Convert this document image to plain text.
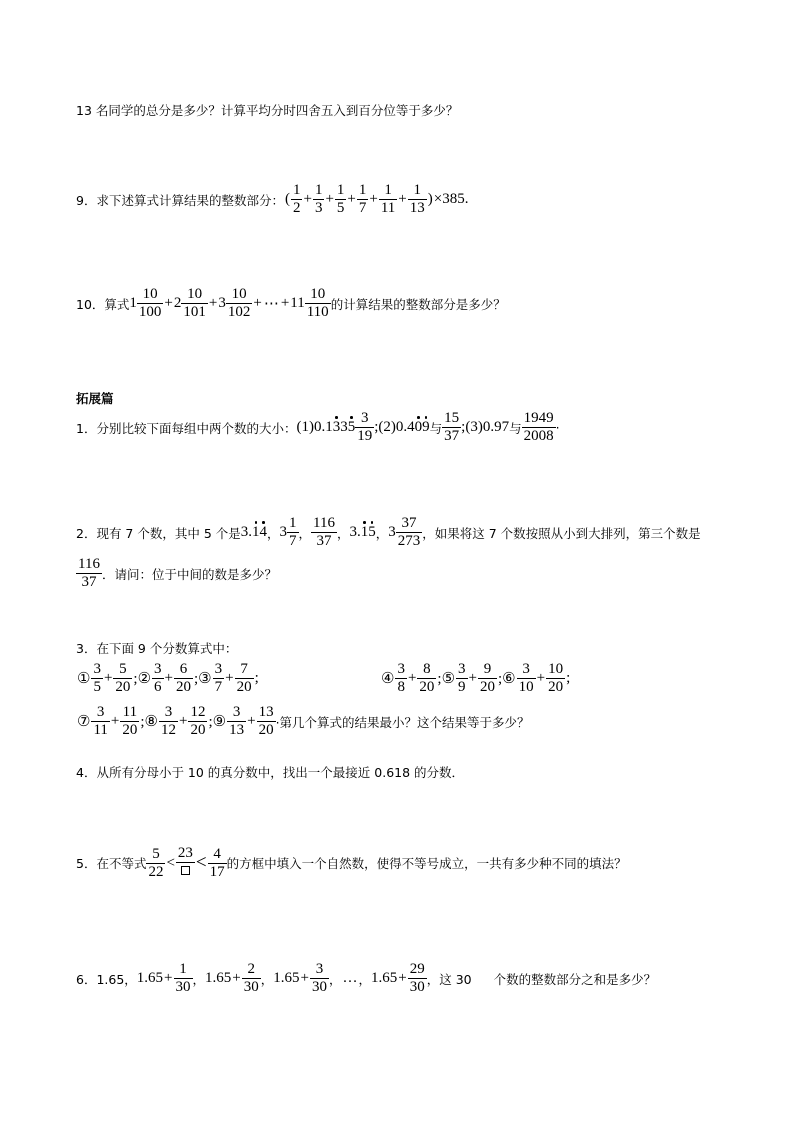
13 名同学的总分是多少？计算平均分时四舍五入到百分位等于多少？
9．求下述算式计算结果的整数部分： ( $\frac{1}{2} + \frac{1}{3} + \frac{1}{5} + \frac{1}{7} + \frac{1}{11} + \frac{1}{13}$ ) ×385.
10．算式 $1 \frac{10}{100} + 2 \frac{10}{101} + 3 \frac{10}{102}$ + ⋯ + $11 \frac{10}{110}$ 的计算结果的整数部分是多少？
拓展篇
1．分别比较下面每组中两个数的大小： (1)0.1 3 3 $5 \frac{3}{19}$ ;(2)0.4 0 9 与 $\frac{15}{37}$ ;(3)0.97 与 $\frac{1949}{2008}$ ·
2．现有 7 个数，其中 5 个是 3. 1 4 ， $3 \frac{1}{7}$ ， $\frac{116}{37}$ ， 3. 1 5 ， $3 \frac{37}{273}$ ，如果将这 7 个数按照从小到大排列，第三个数是
$\frac{116}{37}$ ．请问：位于中间的数是多少？
3．在下面 9 个分数算式中：
① $\frac{3}{5} + \frac{5}{20}$ ;② $\frac{3}{6} + \frac{6}{20}$ ;③ $\frac{3}{7} + \frac{7}{20}$ ;	④ $\frac{3}{8} + \frac{8}{20}$ ;⑤ $\frac{3}{9} + \frac{9}{20}$ ;⑥ $\frac{3}{10} + \frac{10}{20}$ ;
⑦ $\frac{3}{11} + \frac{11}{20}$ ;⑧ $\frac{3}{12} + \frac{12}{20}$ ;⑨ $\frac{3}{13} + \frac{13}{20}$ ·第几个算式的结果最小？这个结果等于多少？
4．从所有分母小于 10 的真分数中，找出一个最接近 0.618 的分数．
5．在不等式 $\frac{5}{22}$ <
$23 < \frac{4}{17}$ 的方框中填入一个自然数，使得不等号成立，一共有多少种不同的填法？
6．1.65， $1.65 + \frac{1}{30}$ ， $1.65 + \frac{2}{30}$ ， $1.65 + \frac{3}{30}$ ， … ， $1.65 + \frac{29}{30}$ ，这 30 个数的整数部分之和是多少？
